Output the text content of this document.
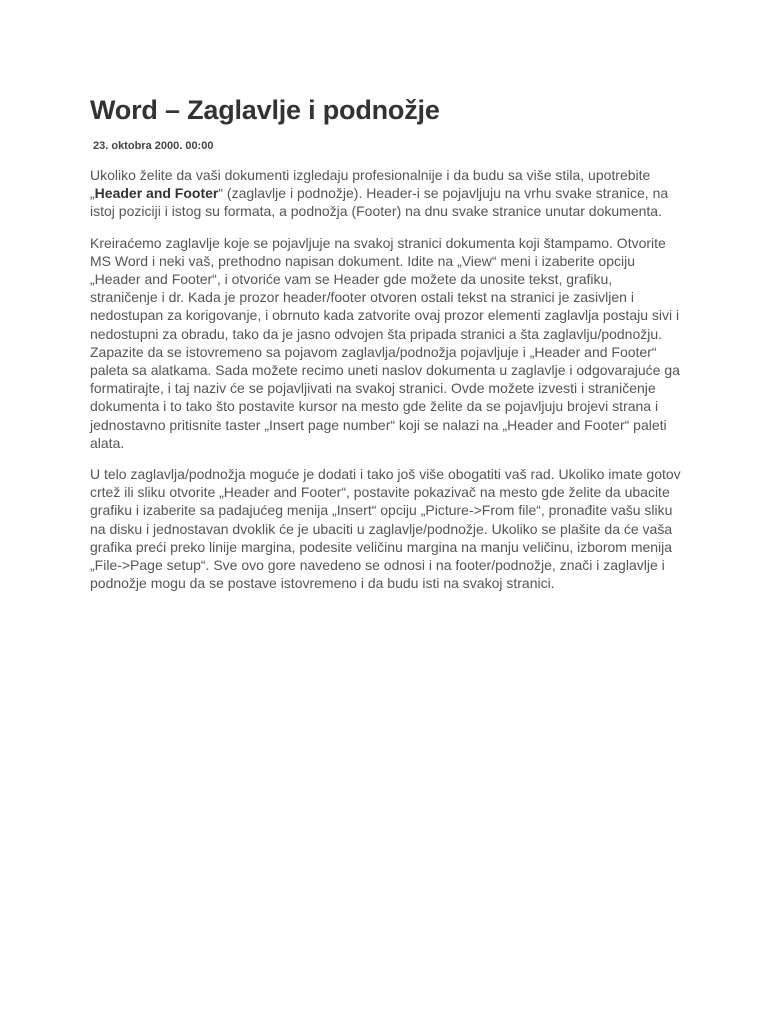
Word – Zaglavlje i podnožje
23. oktobra 2000. 00:00

Ukoliko želite da vaši dokumenti izgledaju profesionalnije i da budu sa više stila, upotrebite „Header and Footer“ (zaglavlje i podnožje). Header-i se pojavljuju na vrhu svake stranice, na istoj poziciji i istog su formata, a podnožja (Footer) na dnu svake stranice unutar dokumenta.

Kreiraćemo zaglavlje koje se pojavljuje na svakoj stranici dokumenta koji štampamo. Otvorite MS Word i neki vaš, prethodno napisan dokument. Idite na „View“ meni i izaberite opciju „Header and Footer“, i otvoriće vam se Header gde možete da unosite tekst, grafiku, straničenje i dr. Kada je prozor header/footer otvoren ostali tekst na stranici je zasivljen i nedostupan za korigovanje, i obrnuto kada zatvorite ovaj prozor elementi zaglavlja postaju sivi i nedostupni za obradu, tako da je jasno odvojen šta pripada stranici a šta zaglavlju/podnožju. Zapazite da se istovremeno sa pojavom zaglavlja/podnožja pojavljuje i „Header and Footer“ paleta sa alatkama. Sada možete recimo uneti naslov dokumenta u zaglavlje i odgovarajuće ga formatirajte, i taj naziv će se pojavljivati na svakoj stranici. Ovde možete izvesti i straničenje dokumenta i to tako što postavite kursor na mesto gde želite da se pojavljuju brojevi strana i jednostavno pritisnite taster „Insert page number“ koji se nalazi na „Header and Footer“ paleti alata.

U telo zaglavlja/podnožja moguće je dodati i tako još više obogatiti vaš rad. Ukoliko imate gotov crtež ili sliku otvorite „Header and Footer“, postavite pokazivač na mesto gde želite da ubacite grafiku i izaberite sa padajućeg menija „Insert“ opciju „Picture->From file“, pronađite vašu sliku na disku i jednostavan dvoklik će je ubaciti u zaglavlje/podnožje. Ukoliko se plašite da će vaša grafika preći preko linije margina, podesite veličinu margina na manju veličinu, izborom menija „File->Page setup“. Sve ovo gore navedeno se odnosi i na footer/podnožje, znači i zaglavlje i podnožje mogu da se postave istovremeno i da budu isti na svakoj stranici.
